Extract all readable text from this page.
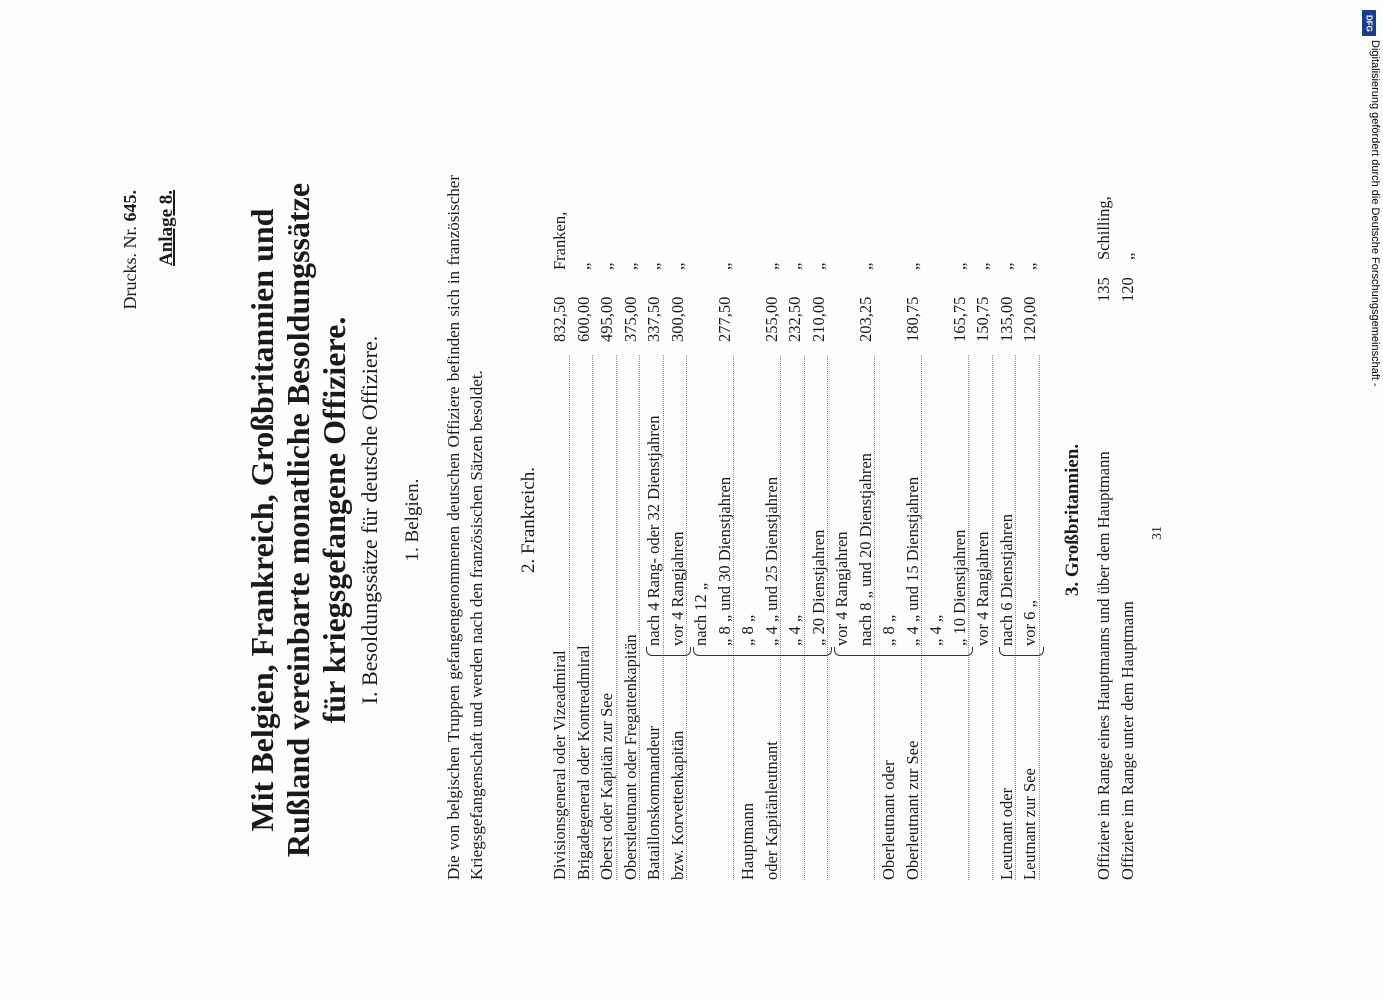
Drucks. Nr. 645. Anlage 8. Mit Belgien, Frankreich, Großbritannien und Rußland vereinbarte monatliche Besoldungssätze für kriegsgefangene Offiziere. I. Besoldungssätze für deutsche Offiziere. 1. Belgien. Die von belgischen Truppen gefangengenommenen deutschen Offiziere befinden sich in französischer Kriegsgefangenschaft und werden nach den französischen Sätzen besoldet. 2. Frankreich.
Divisionsgeneral oder Vizeadmiral
832,50
Franken,
Brigadegeneral oder Kontreadmiral
600,00
„
Oberst oder Kapitän zur See
495,00
„
Oberstleutnant oder Fregattenkapitän
375,00
„
Bataillonskommandeur
nach 4 Rang- oder 32 Dienstjahren
337,50
„
bzw. Korvettenkapitän
vor 4 Rangjahren
300,00
„
nach 12 „ „ 8 „ und 30 Dienstjahren
277,50
„
Hauptmann
„ 8 „
oder Kapitänleutnant
„ 4 „ und 25 Dienstjahren
255,00
„
„ 4 „
232,50
„
„ 20 Dienstjahren
210,00
„
vor 4 Rangjahren nach 8 „ und 20 Dienstjahren
203,25
„
Oberleutnant oder
„ 8 „
Oberleutnant zur See
„ 4 „ und 15 Dienstjahren
180,75
„
„ 4 „ „ 10 Dienstjahren
165,75
„
vor 4 Rangjahren
150,75
„
Leutnant oder
nach 6 Dienstjahren
135,00
„
Leutnant zur See
vor 6 „
120,00
„
3. Großbritannien. Offiziere im Range eines Hauptmanns und über dem Hauptmann
135
Schilling,
Offiziere im Range unter dem Hauptmann
120
„
31
DFG
Digitalisierung gefördert durch die Deutsche Forschungsgemeinschaft -
